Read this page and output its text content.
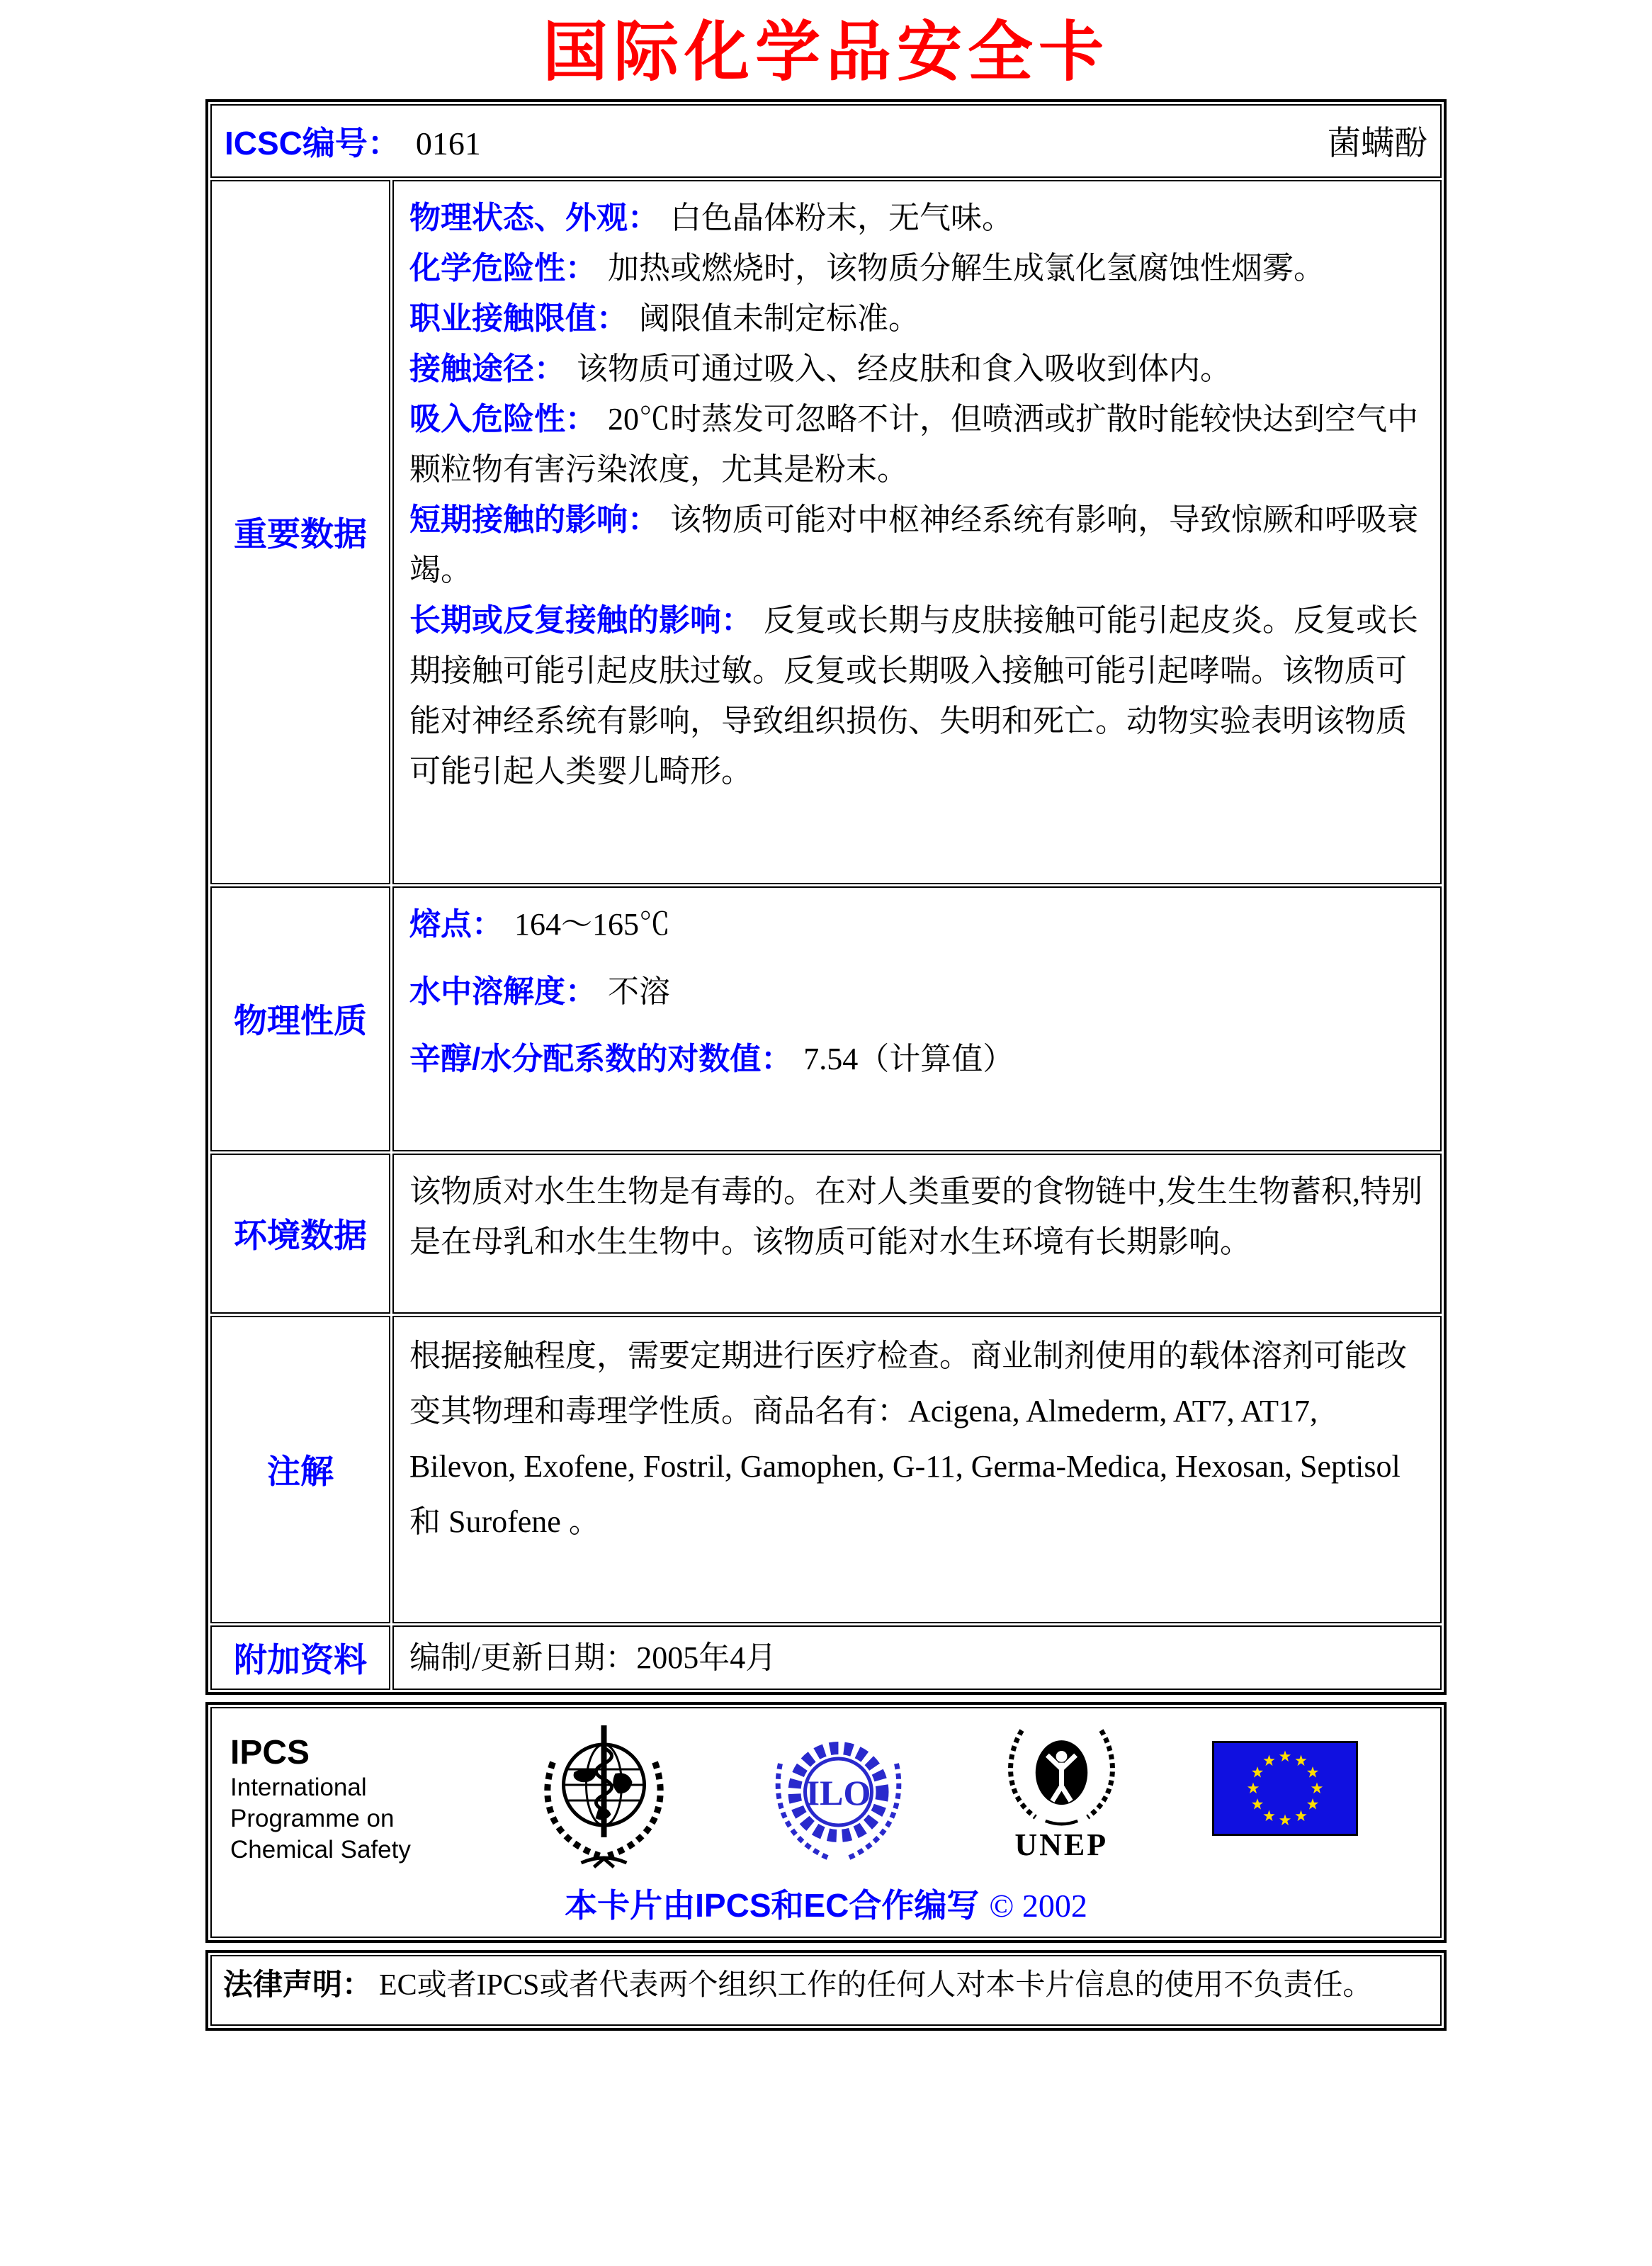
国际化学品安全卡
ICSC编号： 0161 菌螨酚	

重要数据	
物理状态、外观： 白色晶体粉末，无气味。
化学危险性： 加热或燃烧时，该物质分解生成氯化氢腐蚀性烟雾。
职业接触限值： 阈限值未制定标准。
接触途径： 该物质可通过吸入、经皮肤和食入吸收到体内。
吸入危险性： 20℃时蒸发可忽略不计，但喷洒或扩散时能较快达到空气中颗粒物有害污染浓度，尤其是粉末。
短期接触的影响： 该物质可能对中枢神经系统有影响，导致惊厥和呼吸衰竭。
长期或反复接触的影响： 反复或长期与皮肤接触可能引起皮炎。反复或长期接触可能引起皮肤过敏。反复或长期吸入接触可能引起哮喘。该物质可能对神经系统有影响，导致组织损伤、失明和死亡。动物实验表明该物质可能引起人类婴儿畸形。

物理性质	熔点： 164～165℃
水中溶解度： 不溶
辛醇/水分配系数的对数值： 7.54（计算值）

环境数据	该物质对水生生物是有毒的。在对人类重要的食物链中,发生生物蓄积,特别是在母乳和水生生物中。该物质可能对水生环境有长期影响。

注解	根据接触程度，需要定期进行医疗检查。商业制剂使用的载体溶剂可能改变其物理和毒理学性质。商品名有：Acigena, Almederm, AT7, AT17, Bilevon, Exofene, Fostril, Gamophen, G-11, Germa-Medica, Hexosan, Septisol和 Surofene 。

附加资料	编制/更新日期：2005年4月
IPCS
International
Programme on
Chemical Safety
ILO
UNEP
本卡片由IPCS和EC合作编写 © 2002
法律声明： EC或者IPCS或者代表两个组织工作的任何人对本卡片信息的使用不负责任。
